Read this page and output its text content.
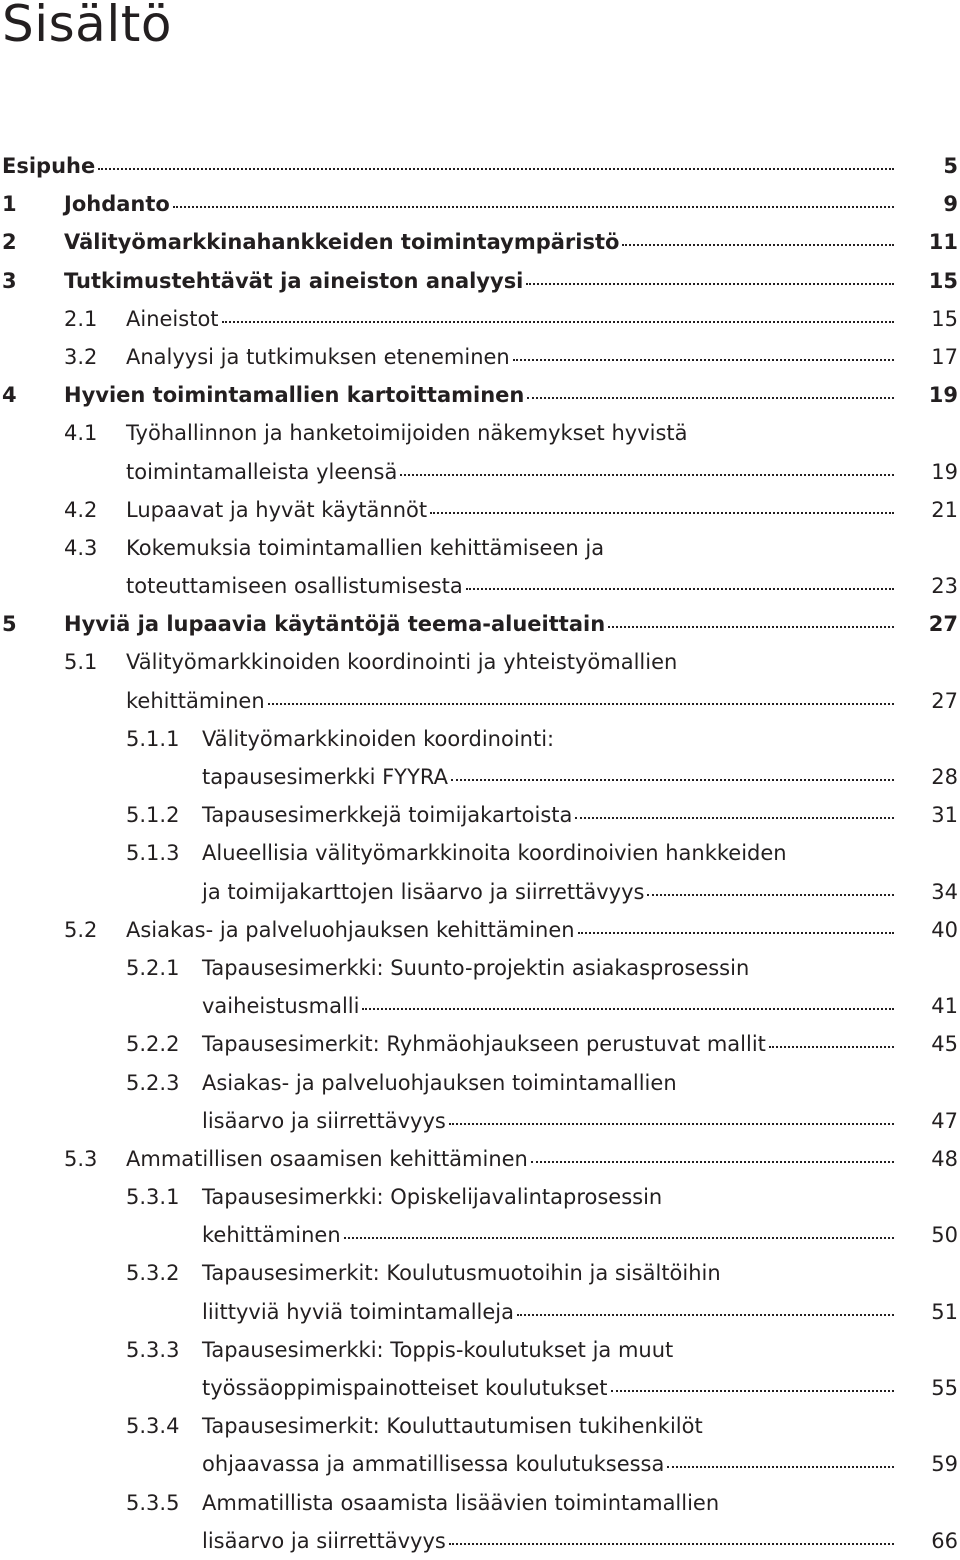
Sisältö
Esipuhe	5
1 Johdanto	9
2 Välityömarkkinahankkeiden toimintaympäristö	11
3 Tutkimustehtävät ja aineiston analyysi	15
2.1 Aineistot	15
3.2 Analyysi ja tutkimuksen eteneminen	17
4 Hyvien toimintamallien kartoittaminen	19
4.1 Työhallinnon ja hanketoimijoiden näkemykset hyvistä
toimintamalleista yleensä	19
4.2 Lupaavat ja hyvät käytännöt	21
4.3 Kokemuksia toimintamallien kehittämiseen ja
toteuttamiseen osallistumisesta	23
5 Hyviä ja lupaavia käytäntöjä teema-alueittain	27
5.1 Välityömarkkinoiden koordinointi ja yhteistyömallien
kehittäminen	27
5.1.1 Välityömarkkinoiden koordinointi:
tapausesimerkki FYYRA	28
5.1.2 Tapausesimerkkejä toimijakartoista	31
5.1.3 Alueellisia välityömarkkinoita koordinoivien hankkeiden
ja toimijakarttojen lisäarvo ja siirrettävyys	34
5.2 Asiakas- ja palveluohjauksen kehittäminen	40
5.2.1 Tapausesimerkki: Suunto-projektin asiakasprosessin
vaiheistusmalli	41
5.2.2 Tapausesimerkit: Ryhmäohjaukseen perustuvat mallit	45
5.2.3 Asiakas- ja palveluohjauksen toimintamallien
lisäarvo ja siirrettävyys	47
5.3 Ammatillisen osaamisen kehittäminen	48
5.3.1 Tapausesimerkki: Opiskelijavalintaprosessin
kehittäminen	50
5.3.2 Tapausesimerkit: Koulutusmuotoihin ja sisältöihin
liittyviä hyviä toimintamalleja	51
5.3.3 Tapausesimerkki: Toppis-koulutukset ja muut
työssäoppimispainotteiset koulutukset	55
5.3.4 Tapausesimerkit: Kouluttautumisen tukihenkilöt
ohjaavassa ja ammatillisessa koulutuksessa	59
5.3.5 Ammatillista osaamista lisäävien toimintamallien
lisäarvo ja siirrettävyys	66
